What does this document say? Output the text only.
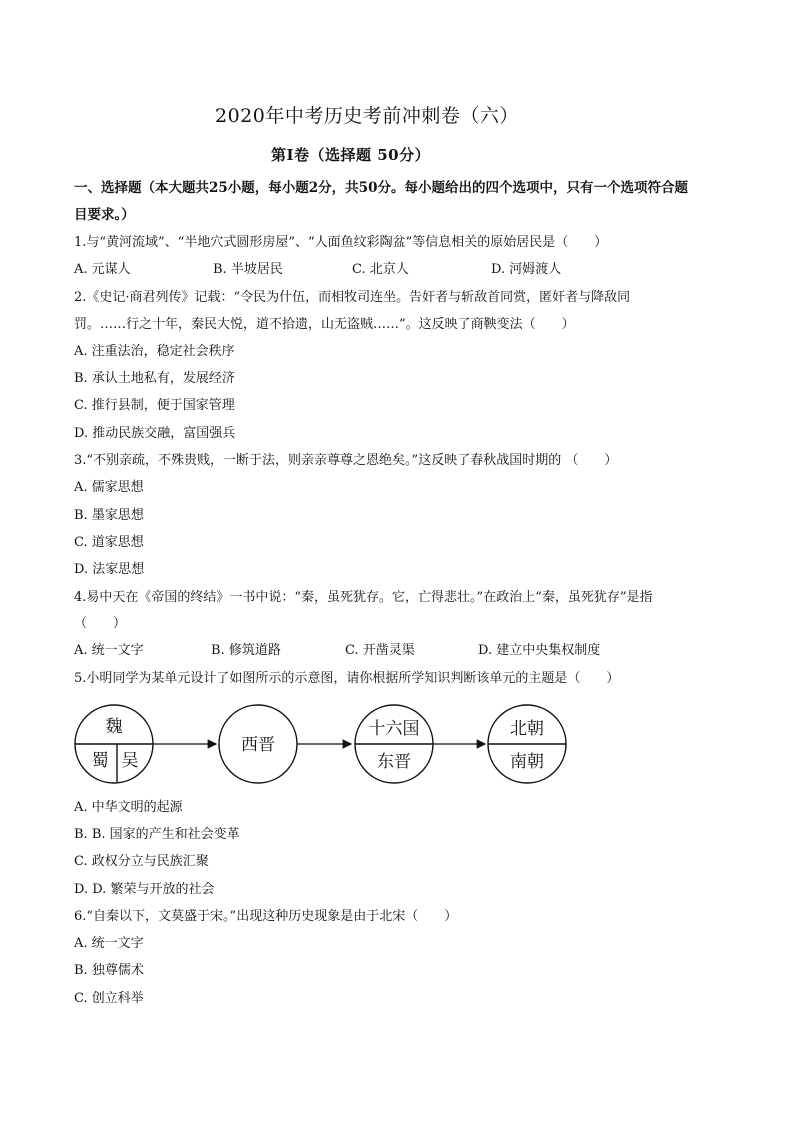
2020年中考历史考前冲刺卷（六）
第Ⅰ卷（选择题 50分）
一、选择题（本大题共25小题，每小题2分，共50分。每小题给出的四个选项中，只有一个选项符合题
目要求。）
1.与“黄河流域”、“半地穴式圆形房屋”、“人面鱼纹彩陶盆”等信息相关的原始居民是（　　）
A. 元谋人	B. 半坡居民	C. 北京人	D. 河姆渡人
2.《史记·商君列传》记载：“令民为什伍，而相牧司连坐。告奸者与斩敌首同赏，匿奸者与降敌同
罚。……行之十年，秦民大悦，道不拾遗，山无盗贼……”。这反映了商鞅变法（　　）
A. 注重法治，稳定社会秩序
B. 承认土地私有，发展经济
C. 推行县制，便于国家管理
D. 推动民族交融，富国强兵
3.“不别亲疏，不殊贵贱，一断于法，则亲亲尊尊之恩绝矣。”这反映了春秋战国时期的 （　　）
A. 儒家思想
B. 墨家思想
C. 道家思想
D. 法家思想
4.易中天在《帝国的终结》一书中说：“秦，虽死犹存。它，亡得悲壮。”在政治上“秦，虽死犹存”是指
（　　）
A. 统一文字	B. 修筑道路	C. 开凿灵渠	D. 建立中央集权制度
5.小明同学为某单元设计了如图所示的示意图，请你根据所学知识判断该单元的主题是（　　）
魏
蜀 吴
西晋
十六国
东晋
北朝
南朝
A. 中华文明的起源
B. B. 国家的产生和社会变革
C. 政权分立与民族汇聚
D. D. 繁荣与开放的社会
6.“自秦以下，文莫盛于宋。”出现这种历史现象是由于北宋（　　）
A. 统一文字
B. 独尊儒术
C. 创立科举
